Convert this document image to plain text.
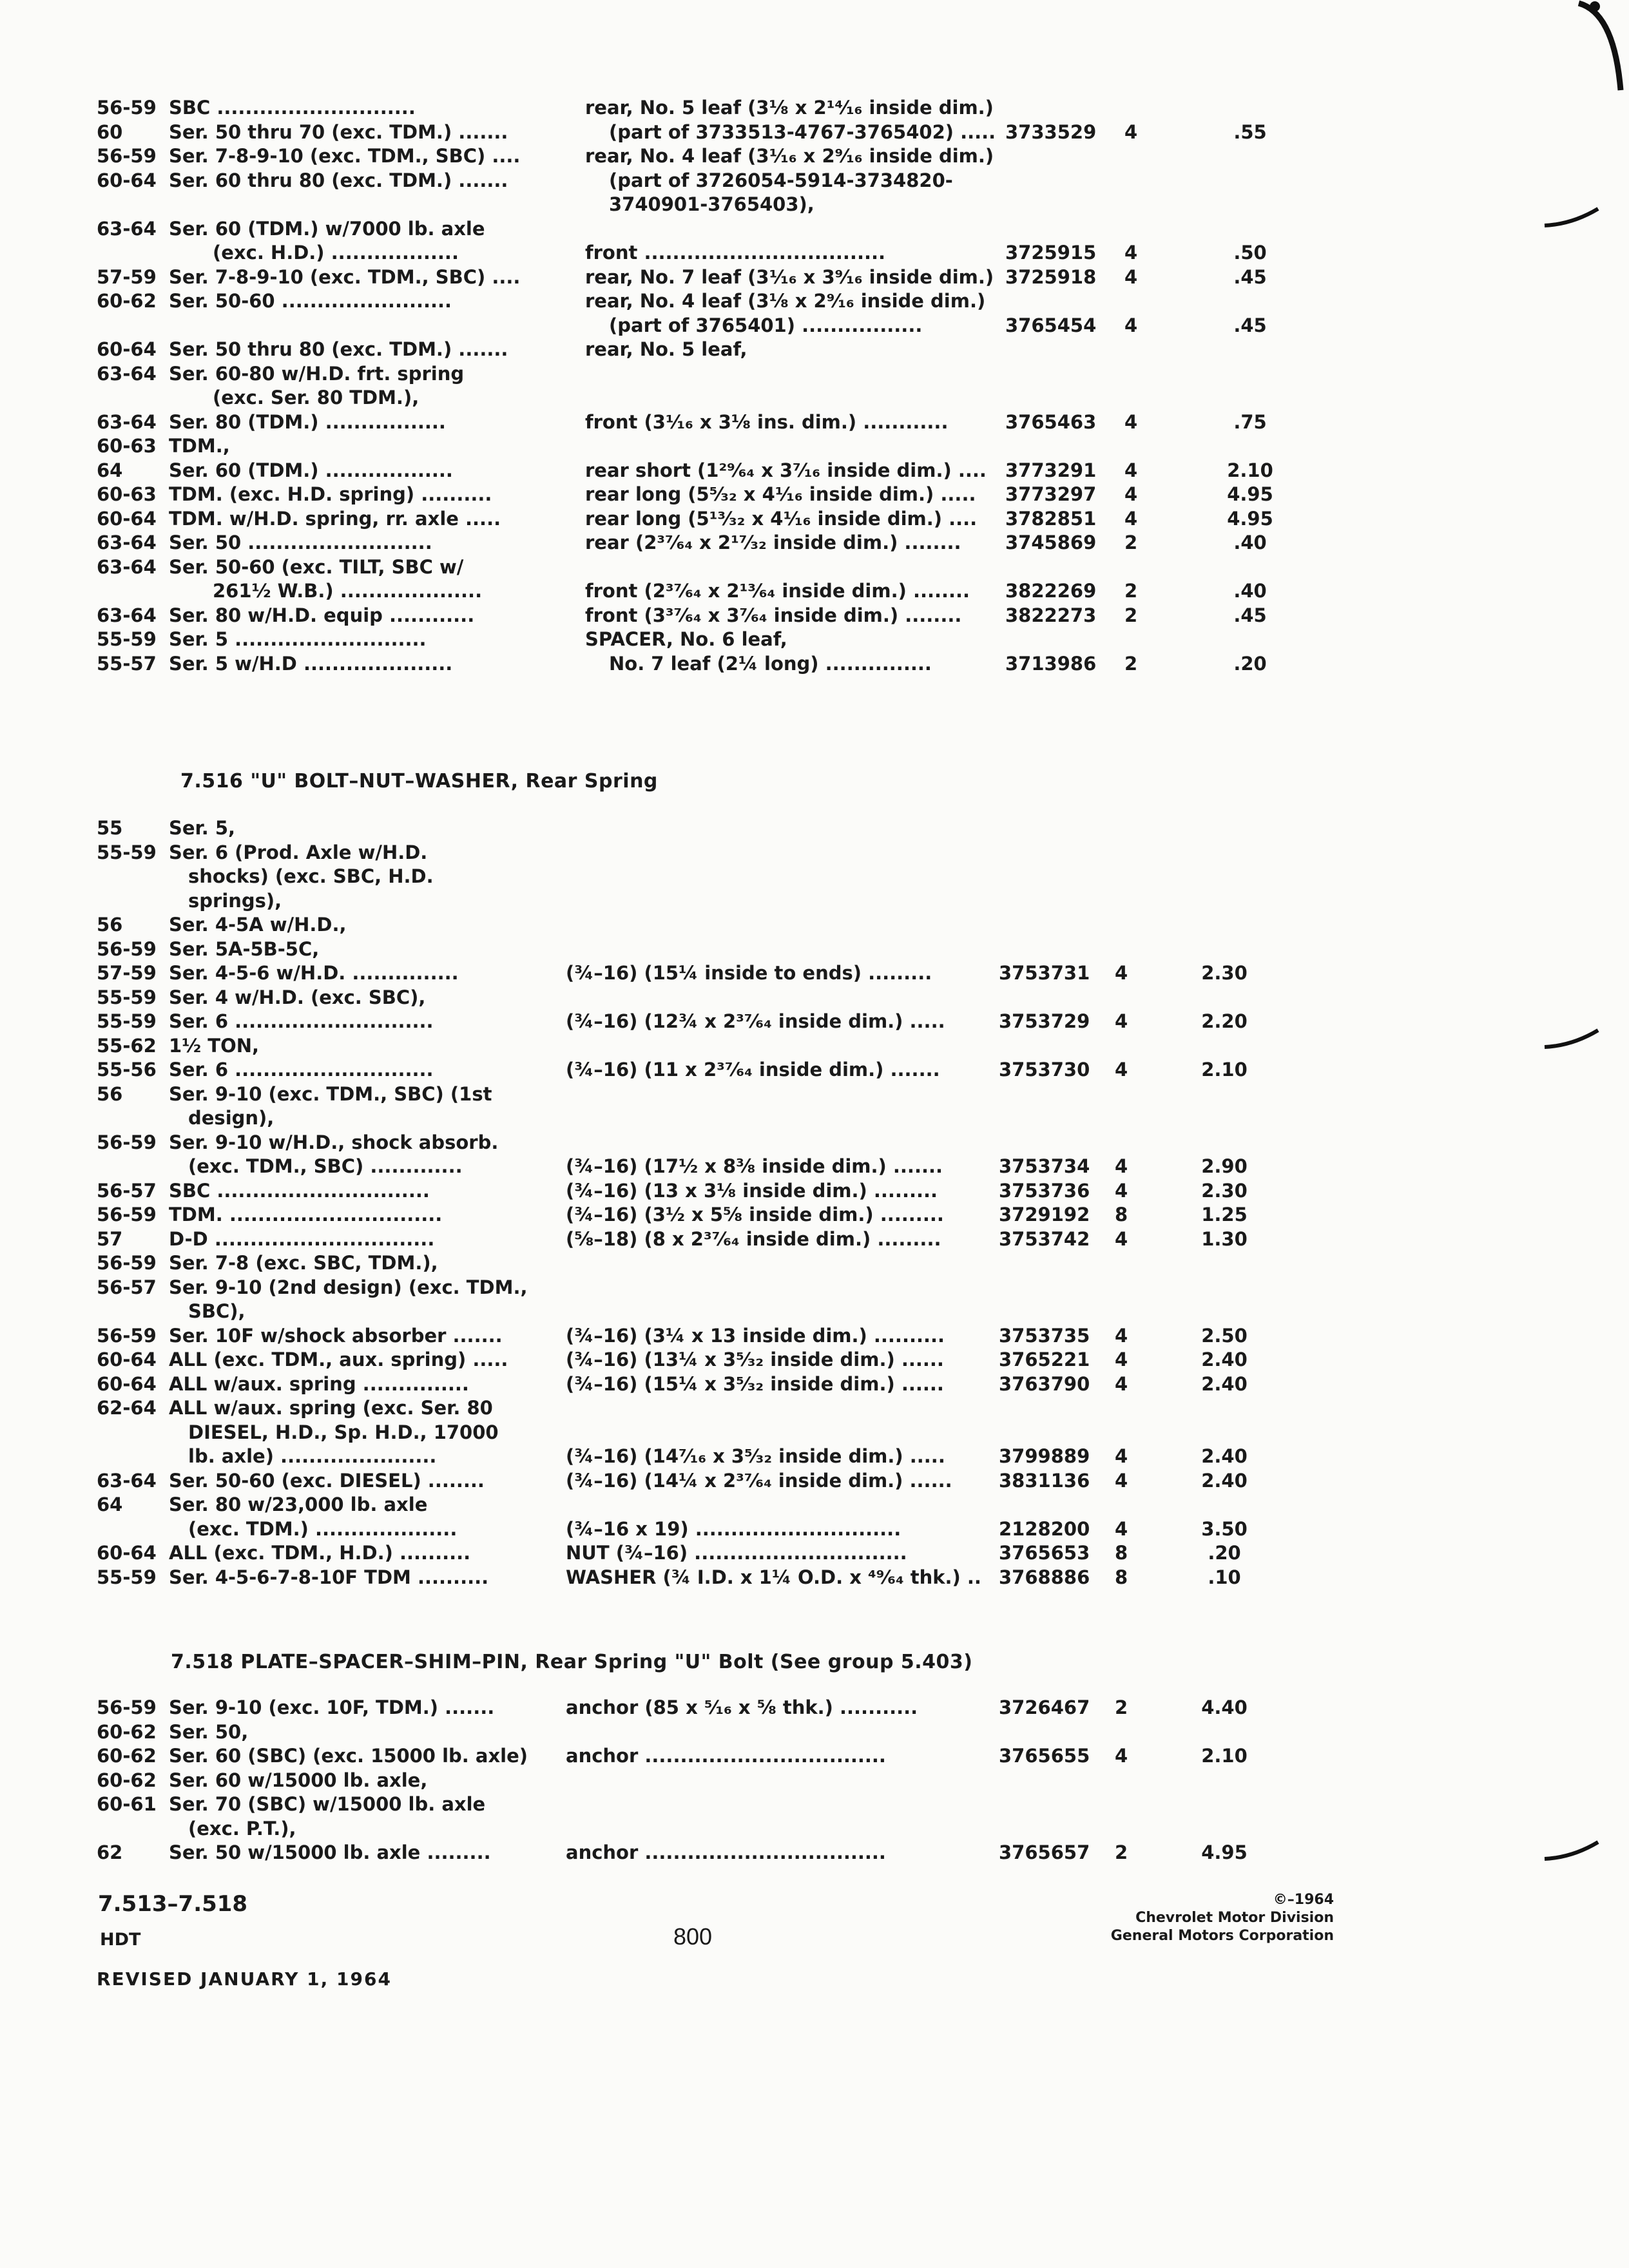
56-59 SBC ............................	rear, No. 5 leaf (3⅛ x 2¹⁴⁄₁₆ inside dim.)
60 Ser. 50 thru 70 (exc. TDM.) .......	(part of 3733513-4767-3765402) ..... 3733529 4	.55
56-59 Ser. 7-8-9-10 (exc. TDM., SBC) ....	rear, No. 4 leaf (3¹⁄₁₆ x 2⁹⁄₁₆ inside dim.)
60-64 Ser. 60 thru 80 (exc. TDM.) .......	(part of 3726054-5914-3734820-
3740901-3765403),
63-64 Ser. 60 (TDM.) w/7000 lb. axle
(exc. H.D.) ..................	front ..................................	3725915 4	.50
57-59 Ser. 7-8-9-10 (exc. TDM., SBC) ....	rear, No. 7 leaf (3¹⁄₁₆ x 3⁹⁄₁₆ inside dim.) 3725918 4	.45
60-62 Ser. 50-60 ........................	rear, No. 4 leaf (3⅛ x 2⁹⁄₁₆ inside dim.)
(part of 3765401) .................	3765454 4	.45
60-64 Ser. 50 thru 80 (exc. TDM.) .......	rear, No. 5 leaf,
63-64 Ser. 60-80 w/H.D. frt. spring
(exc. Ser. 80 TDM.),
63-64 Ser. 80 (TDM.) .................	front (3¹⁄₁₆ x 3⅛ ins. dim.) ............	3765463 4	.75
60-63 TDM.,
64 Ser. 60 (TDM.) ..................	rear short (1²⁹⁄₆₄ x 3⁷⁄₁₆ inside dim.) .... 3773291 4	2.10
60-63 TDM. (exc. H.D. spring) ..........	rear long (5⁵⁄₃₂ x 4¹⁄₁₆ inside dim.) ..... 3773297 4	4.95
60-64 TDM. w/H.D. spring, rr. axle .....	rear long (5¹³⁄₃₂ x 4¹⁄₁₆ inside dim.) .... 3782851 4	4.95
63-64 Ser. 50 ..........................	rear (2³⁷⁄₆₄ x 2¹⁷⁄₃₂ inside dim.) ........ 3745869 2	.40
63-64 Ser. 50-60 (exc. TILT, SBC w/
261½ W.B.) ....................	front (2³⁷⁄₆₄ x 2¹³⁄₆₄ inside dim.) ........ 3822269 2	.40
63-64 Ser. 80 w/H.D. equip ............	front (3³⁷⁄₆₄ x 3⁷⁄₆₄ inside dim.) ........ 3822273 2	.45
55-59 Ser. 5 ...........................	SPACER, No. 6 leaf,
55-57 Ser. 5 w/H.D .....................	No. 7 leaf (2¼ long) ...............	3713986 2	.20
7.516 "U" BOLT–NUT–WASHER, Rear Spring
55 Ser. 5,
55-59 Ser. 6 (Prod. Axle w/H.D.
shocks) (exc. SBC, H.D.
springs),
56 Ser. 4-5A w/H.D.,
56-59 Ser. 5A-5B-5C,
57-59 Ser. 4-5-6 w/H.D. ...............	(¾–16) (15¼ inside to ends) .........	3753731 4	2.30
55-59 Ser. 4 w/H.D. (exc. SBC),
55-59 Ser. 6 ............................	(¾–16) (12¾ x 2³⁷⁄₆₄ inside dim.) .....	3753729 4	2.20
55-62 1½ TON,
55-56 Ser. 6 ............................	(¾–16) (11 x 2³⁷⁄₆₄ inside dim.) .......	3753730 4	2.10
56 Ser. 9-10 (exc. TDM., SBC) (1st
design),
56-59 Ser. 9-10 w/H.D., shock absorb.
(exc. TDM., SBC) .............	(¾–16) (17½ x 8⅜ inside dim.) .......	3753734 4	2.90
56-57 SBC ..............................	(¾–16) (13 x 3⅛ inside dim.) .........	3753736 4	2.30
56-59 TDM. ..............................	(¾–16) (3½ x 5⅝ inside dim.) .........	3729192 8	1.25
57 D-D ...............................	(⅝–18) (8 x 2³⁷⁄₆₄ inside dim.) .........	3753742 4	1.30
56-59 Ser. 7-8 (exc. SBC, TDM.),
56-57 Ser. 9-10 (2nd design) (exc. TDM.,
SBC),
56-59 Ser. 10F w/shock absorber .......	(¾–16) (3¼ x 13 inside dim.) ..........	3753735 4	2.50
60-64 ALL (exc. TDM., aux. spring) .....	(¾–16) (13¼ x 3⁵⁄₃₂ inside dim.) ......	3765221 4	2.40
60-64 ALL w/aux. spring ...............	(¾–16) (15¼ x 3⁵⁄₃₂ inside dim.) ......	3763790 4	2.40
62-64 ALL w/aux. spring (exc. Ser. 80
DIESEL, H.D., Sp. H.D., 17000
lb. axle) ......................	(¾–16) (14⁷⁄₁₆ x 3⁵⁄₃₂ inside dim.) .....	3799889 4	2.40
63-64 Ser. 50-60 (exc. DIESEL) ........	(¾–16) (14¼ x 2³⁷⁄₆₄ inside dim.) ...... 3831136 4	2.40
64 Ser. 80 w/23,000 lb. axle
(exc. TDM.) ....................	(¾–16 x 19) .............................	2128200 4	3.50
60-64 ALL (exc. TDM., H.D.) ..........	NUT (¾–16) ..............................	3765653 8	.20
55-59 Ser. 4-5-6-7-8-10F TDM ..........	WASHER (¾ I.D. x 1¼ O.D. x ⁴⁹⁄₆₄ thk.) .. 3768886 8	.10
7.518 PLATE–SPACER–SHIM–PIN, Rear Spring "U" Bolt (See group 5.403)
56-59 Ser. 9-10 (exc. 10F, TDM.) .......	anchor (85 x ⁵⁄₁₆ x ⅝ thk.) ...........	3726467 2	4.40
60-62 Ser. 50,
60-62 Ser. 60 (SBC) (exc. 15000 lb. axle) anchor ..................................	3765655 4	2.10
60-62 Ser. 60 w/15000 lb. axle,
60-61 Ser. 70 (SBC) w/15000 lb. axle
(exc. P.T.),
62 Ser. 50 w/15000 lb. axle .........	anchor ..................................	3765657 2	4.95
7.513–7.518
HDT
REVISED JANUARY 1, 1964
800
©–1964
Chevrolet Motor Division
General Motors Corporation
